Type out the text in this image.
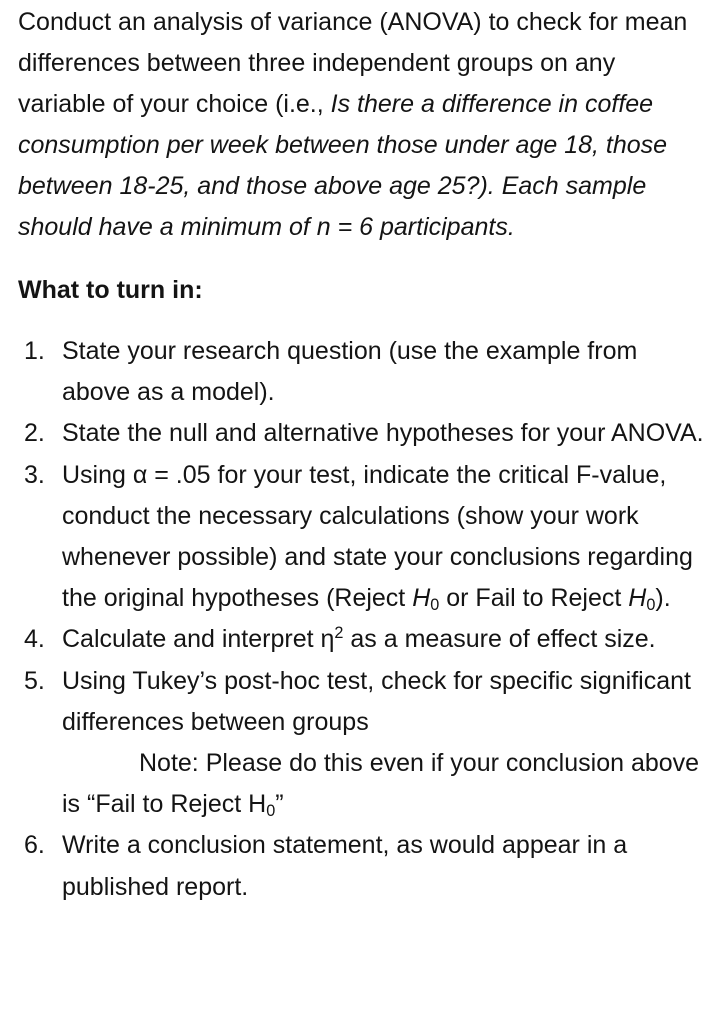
Conduct an analysis of variance (ANOVA) to check for mean differences between three independent groups on any variable of your choice (i.e., Is there a difference in coffee consumption per week between those under age 18, those between 18-25, and those above age 25?). Each sample should have a minimum of n = 6 participants.

What to turn in:

1. State your research question (use the example from above as a model).
2. State the null and alternative hypotheses for your ANOVA.
3. Using α = .05 for your test, indicate the critical F-value, conduct the necessary calculations (show your work whenever possible) and state your conclusions regarding the original hypotheses (Reject $H_0$ or Fail to Reject $H_0$).
4. Calculate and interpret $\eta^2$ as a measure of effect size.
5. Using Tukey’s post-hoc test, check for specific significant differences between groups
Note: Please do this even if your conclusion above is “Fail to Reject $H_0$”
6. Write a conclusion statement, as would appear in a published report.
